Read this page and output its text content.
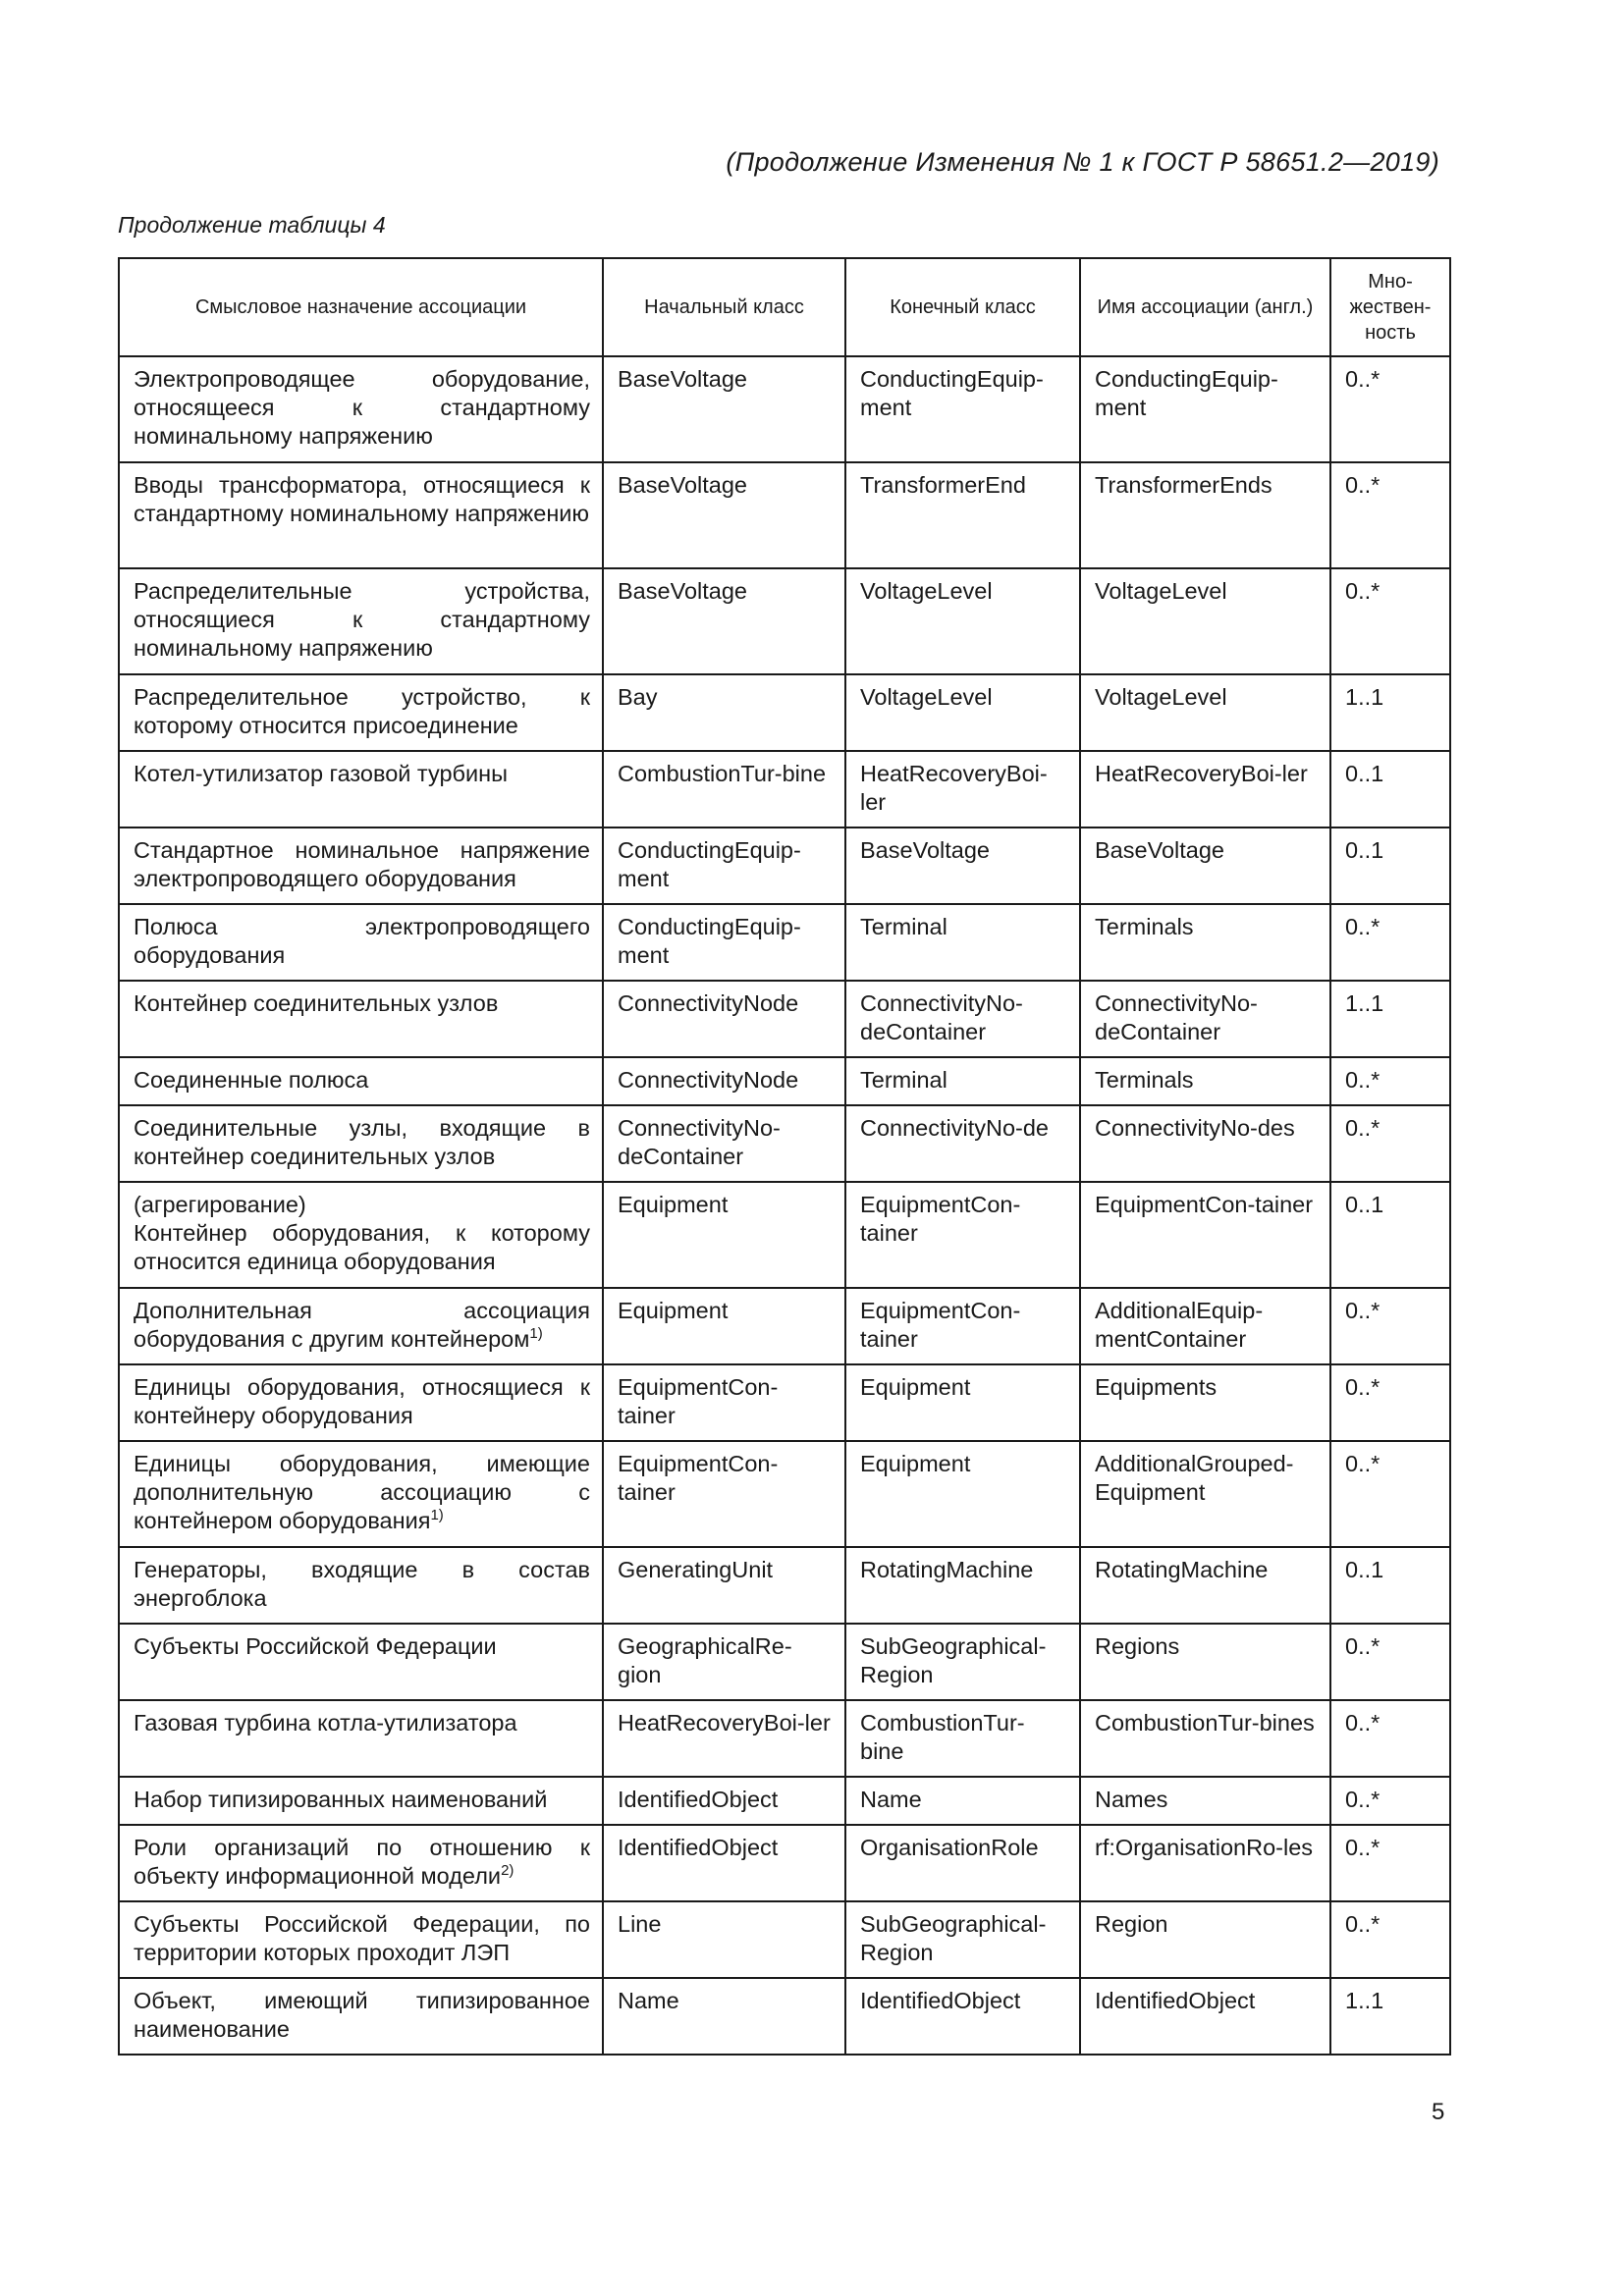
(Продолжение Изменения № 1 к ГОСТ Р 58651.2—2019)
Продолжение таблицы 4
Смысловое назначение ассоциации	Начальный класс	Конечный класс	Имя ассоциации (англ.)	Мно-жествен-ность
Электропроводящее оборудование, относящееся к стандартному номинальному напряжению	BaseVoltage	ConductingEquip-ment	ConductingEquip-ment	0..*
Вводы трансформатора, относящиеся к стандартному номинальному напряжению	BaseVoltage	TransformerEnd	TransformerEnds	0..*
Распределительные устройства, относящиеся к стандартному номинальному напряжению	BaseVoltage	VoltageLevel	VoltageLevel	0..*
Распределительное устройство, к которому относится присоединение	Bay	VoltageLevel	VoltageLevel	1..1
Котел-утилизатор газовой турбины	CombustionTur-bine	HeatRecoveryBoi-ler	HeatRecoveryBoi-ler	0..1
Стандартное номинальное напряжение электропроводящего оборудования	ConductingEquip-ment	BaseVoltage	BaseVoltage	0..1
Полюса электропроводящего оборудования	ConductingEquip-ment	Terminal	Terminals	0..*
Контейнер соединительных узлов	ConnectivityNode	ConnectivityNo-deContainer	ConnectivityNo-deContainer	1..1
Соединенные полюса	ConnectivityNode	Terminal	Terminals	0..*
Соединительные узлы, входящие в контейнер соединительных узлов	ConnectivityNo-deContainer	ConnectivityNo-de	ConnectivityNo-des	0..*
(агрегирование)
Контейнер оборудования, к которому относится единица оборудования	Equipment	EquipmentCon-tainer	EquipmentCon-tainer	0..1
Дополнительная ассоциация оборудования с другим контейнером$^{1)}$	Equipment	EquipmentCon-tainer	AdditionalEquip-mentContainer	0..*
Единицы оборудования, относящиеся к контейнеру оборудования	EquipmentCon-tainer	Equipment	Equipments	0..*
Единицы оборудования, имеющие дополнительную ассоциацию с контейнером оборудования$^{1)}$	EquipmentCon-tainer	Equipment	AdditionalGrouped-Equipment	0..*
Генераторы, входящие в состав энергоблока	GeneratingUnit	RotatingMachine	RotatingMachine	0..1
Субъекты Российской Федерации	GeographicalRe-gion	SubGeographical-Region	Regions	0..*
Газовая турбина котла-утилизатора	HeatRecoveryBoi-ler	CombustionTur-bine	CombustionTur-bines	0..*
Набор типизированных наименований	IdentifiedObject	Name	Names	0..*
Роли организаций по отношению к объекту информационной модели$^{2)}$	IdentifiedObject	OrganisationRole	rf:OrganisationRo-les	0..*
Субъекты Российской Федерации, по территории которых проходит ЛЭП	Line	SubGeographical-Region	Region	0..*
Объект, имеющий типизированное наименование	Name	IdentifiedObject	IdentifiedObject	1..1
5
